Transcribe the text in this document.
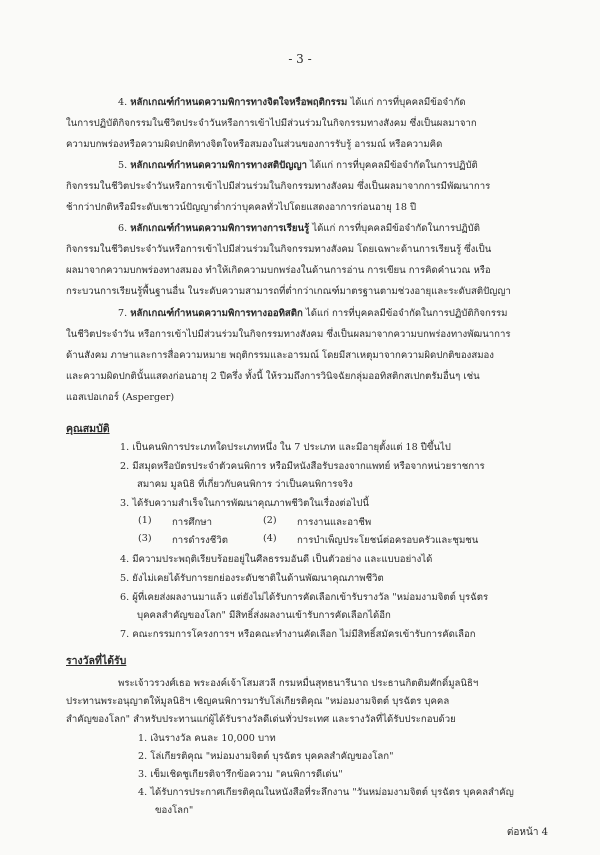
- 3 -

4. หลักเกณฑ์กำหนดความพิการทางจิตใจหรือพฤติกรรม ได้แก่ การที่บุคคลมีข้อจำกัด

ในการปฏิบัติกิจกรรมในชีวิตประจำวันหรือการเข้าไปมีส่วนร่วมในกิจกรรมทางสังคม ซึ่งเป็นผลมาจาก

ความบกพร่องหรือความผิดปกติทางจิตใจหรือสมองในส่วนของการรับรู้ อารมณ์ หรือความคิด

5. หลักเกณฑ์กำหนดความพิการทางสติปัญญา ได้แก่ การที่บุคคลมีข้อจำกัดในการปฏิบัติ

กิจกรรมในชีวิตประจำวันหรือการเข้าไปมีส่วนร่วมในกิจกรรมทางสังคม ซึ่งเป็นผลมาจากการมีพัฒนาการ

ช้ากว่าปกติหรือมีระดับเชาวน์ปัญญาต่ำกว่าบุคคลทั่วไปโดยแสดงอาการก่อนอายุ 18 ปี

6. หลักเกณฑ์กำหนดความพิการทางการเรียนรู้ ได้แก่ การที่บุคคลมีข้อจำกัดในการปฏิบัติ

กิจกรรมในชีวิตประจำวันหรือการเข้าไปมีส่วนร่วมในกิจกรรมทางสังคม โดยเฉพาะด้านการเรียนรู้ ซึ่งเป็น

ผลมาจากความบกพร่องทางสมอง ทำให้เกิดความบกพร่องในด้านการอ่าน การเขียน การคิดคำนวณ หรือ

กระบวนการเรียนรู้พื้นฐานอื่น ในระดับความสามารถที่ต่ำกว่าเกณฑ์มาตรฐานตามช่วงอายุและระดับสติปัญญา

7. หลักเกณฑ์กำหนดความพิการทางออทิสติก ได้แก่ การที่บุคคลมีข้อจำกัดในการปฏิบัติกิจกรรม

ในชีวิตประจำวัน หรือการเข้าไปมีส่วนร่วมในกิจกรรมทางสังคม ซึ่งเป็นผลมาจากความบกพร่องทางพัฒนาการ

ด้านสังคม ภาษาและการสื่อความหมาย พฤติกรรมและอารมณ์ โดยมีสาเหตุมาจากความผิดปกติของสมอง

และความผิดปกตินั้นแสดงก่อนอายุ 2 ปีครึ่ง ทั้งนี้ ให้รวมถึงการวินิจฉัยกลุ่มออทิสติกสเปกตรัมอื่นๆ เช่น

แอสเปอเกอร์ (Asperger)

คุณสมบัติ

1. เป็นคนพิการประเภทใดประเภทหนึ่ง ใน 7 ประเภท และมีอายุตั้งแต่ 18 ปีขึ้นไป

2. มีสมุดหรือบัตรประจำตัวคนพิการ หรือมีหนังสือรับรองจากแพทย์ หรือจากหน่วยราชการ

สมาคม มูลนิธิ ที่เกี่ยวกับคนพิการ ว่าเป็นคนพิการจริง

3. ได้รับความสำเร็จในการพัฒนาคุณภาพชีวิตในเรื่องต่อไปนี้

(1) การศึกษา	(2) การงานและอาชีพ
(3) การดำรงชีวิต	(4) การบำเพ็ญประโยชน์ต่อครอบครัวและชุมชน

4. มีความประพฤติเรียบร้อยอยู่ในศีลธรรมอันดี เป็นตัวอย่าง และแบบอย่างได้

5. ยังไม่เคยได้รับการยกย่องระดับชาติในด้านพัฒนาคุณภาพชีวิต

6. ผู้ที่เคยส่งผลงานมาแล้ว แต่ยังไม่ได้รับการคัดเลือกเข้ารับรางวัล "หม่อมงามจิตต์ บุรฉัตร

บุคคลสำคัญของโลก" มีสิทธิ์ส่งผลงานเข้ารับการคัดเลือกได้อีก

7. คณะกรรมการโครงการฯ หรือคณะทำงานคัดเลือก ไม่มีสิทธิ์สมัครเข้ารับการคัดเลือก

รางวัลที่ได้รับ

พระเจ้าวรวงศ์เธอ พระองค์เจ้าโสมสวลี กรมหมื่นสุทธนารีนาถ ประธานกิตติมศักดิ์มูลนิธิฯ

ประทานพระอนุญาตให้มูลนิธิฯ เชิญคนพิการมารับโล่เกียรติคุณ "หม่อมงามจิตต์ บุรฉัตร บุคคล

สำคัญของโลก" สำหรับประทานแก่ผู้ได้รับรางวัลดีเด่นทั่วประเทศ และรางวัลที่ได้รับประกอบด้วย

1. เงินรางวัล คนละ 10,000 บาท

2. โล่เกียรติคุณ "หม่อมงามจิตต์ บุรฉัตร บุคคลสำคัญของโลก"

3. เข็มเชิดชูเกียรติจารึกข้อความ "คนพิการดีเด่น"

4. ได้รับการประกาศเกียรติคุณในหนังสือที่ระลึกงาน "วันหม่อมงามจิตต์ บุรฉัตร บุคคลสำคัญ

ของโลก"

ต่อหน้า 4
